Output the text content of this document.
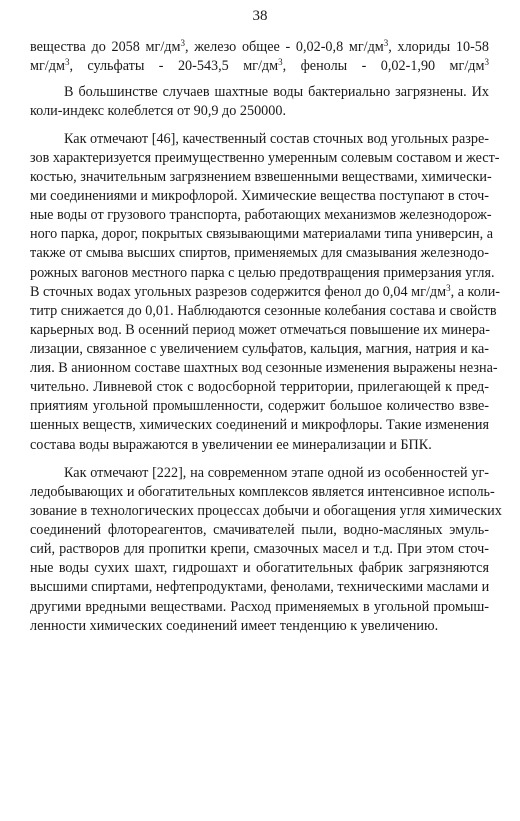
38
вещества до 2058 $мг/дм^3$, железо общее - 0,02-0,8 $мг/дм^3$, хлориды 10-58
$мг/дм^3$, сульфаты - 20-543,5 $мг/дм^3$, фенолы - 0,02-1,90 $мг/дм^3$
В большинстве случаев шахтные воды бактериально загрязнены. Их
коли-индекс колеблется от 90,9 до 250000.
Как отмечают [46], качественный состав сточных вод угольных разре-
зов характеризуется преимущественно умеренным солевым составом и жест-
костью, значительным загрязнением взвешенными веществами, химически-
ми соединениями и микрофлорой. Химические вещества поступают в сточ-
ные воды от грузового транспорта, работающих механизмов железнодорож-
ного парка, дорог, покрытых связывающими материалами типа универсин, а
также от смыва высших спиртов, применяемых для смазывания железнодо-
рожных вагонов местного парка с целью предотвращения примерзания угля.
В сточных водах угольных разрезов содержится фенол до 0,04 $мг/дм^3$, а коли-
титр снижается до 0,01. Наблюдаются сезонные колебания состава и свойств
карьерных вод. В осенний период может отмечаться повышение их минера-
лизации, связанное с увеличением сульфатов, кальция, магния, натрия и ка-
лия. В анионном составе шахтных вод сезонные изменения выражены незна-
чительно. Ливневой сток с водосборной территории, прилегающей к пред-
приятиям угольной промышленности, содержит большое количество взве-
шенных веществ, химических соединений и микрофлоры. Такие изменения
состава воды выражаются в увеличении ее минерализации и БПК.
Как отмечают [222], на современном этапе одной из особенностей уг-
ледобывающих и обогатительных комплексов является интенсивное исполь-
зование в технологических процессах добычи и обогащения угля химических
соединений флотореагентов, смачивателей пыли, водно-масляных эмуль-
сий, растворов для пропитки крепи, смазочных масел и т.д. При этом сточ-
ные воды сухих шахт, гидрошахт и обогатительных фабрик загрязняются
высшими спиртами, нефтепродуктами, фенолами, техническими маслами и
другими вредными веществами. Расход применяемых в угольной промыш-
ленности химических соединений имеет тенденцию к увеличению.
